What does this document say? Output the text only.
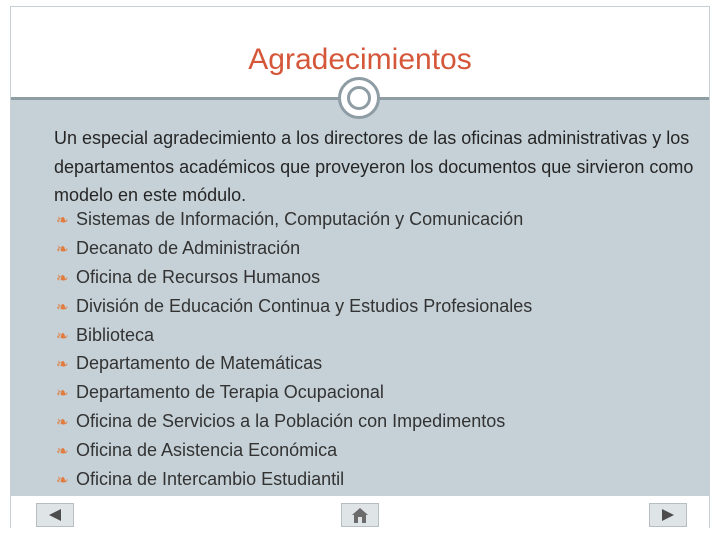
Agradecimientos
Un especial agradecimiento a los directores de las oficinas administrativas y los departamentos académicos que proveyeron los documentos que sirvieron como modelo en este módulo.
❧ Sistemas de Información, Computación y Comunicación
❧ Decanato de Administración
❧ Oficina de Recursos Humanos
❧ División de Educación Continua y Estudios Profesionales
❧ Biblioteca
❧ Departamento de Matemáticas
❧ Departamento de Terapia Ocupacional
❧ Oficina de Servicios a la Población con Impedimentos
❧ Oficina de Asistencia Económica
❧ Oficina de Intercambio Estudiantil
